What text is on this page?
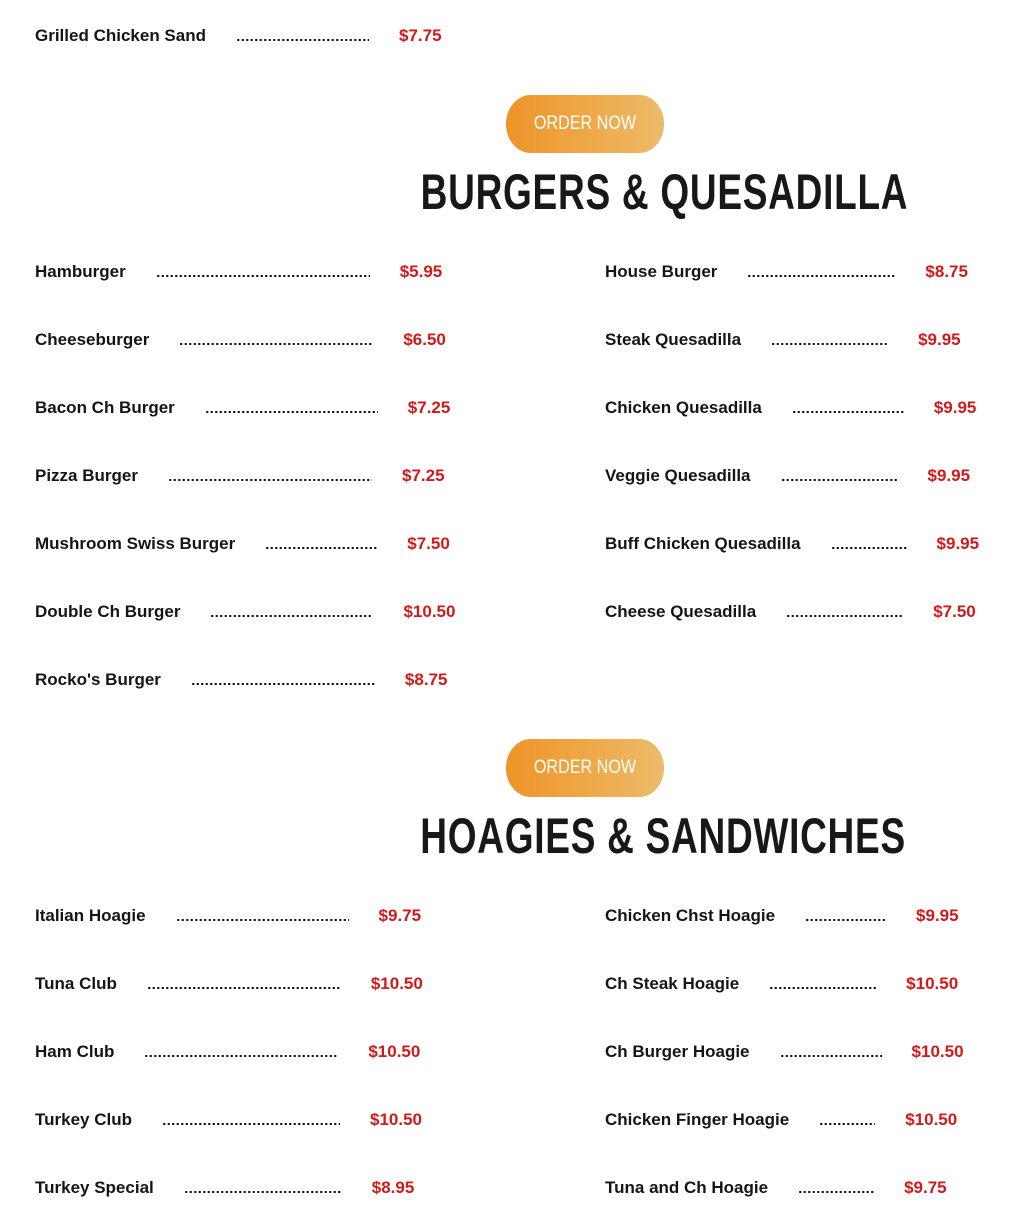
Grilled Chicken Sand	$7.75
ORDER NOW
BURGERS & QUESADILLA
Hamburger	$5.95
Cheeseburger	$6.50
Bacon Ch Burger	$7.25
Pizza Burger	$7.25
Mushroom Swiss Burger	$7.50
Double Ch Burger	$10.50
Rocko's Burger	$8.75
House Burger	$8.75
Steak Quesadilla	$9.95
Chicken Quesadilla	$9.95
Veggie Quesadilla	$9.95
Buff Chicken Quesadilla	$9.95
Cheese Quesadilla	$7.50
ORDER NOW
HOAGIES & SANDWICHES
Italian Hoagie	$9.75
Tuna Club	$10.50
Ham Club	$10.50
Turkey Club	$10.50
Turkey Special	$8.95
Chicken Chst Hoagie	$9.95
Ch Steak Hoagie	$10.50
Ch Burger Hoagie	$10.50
Chicken Finger Hoagie	$10.50
Tuna and Ch Hoagie	$9.75
